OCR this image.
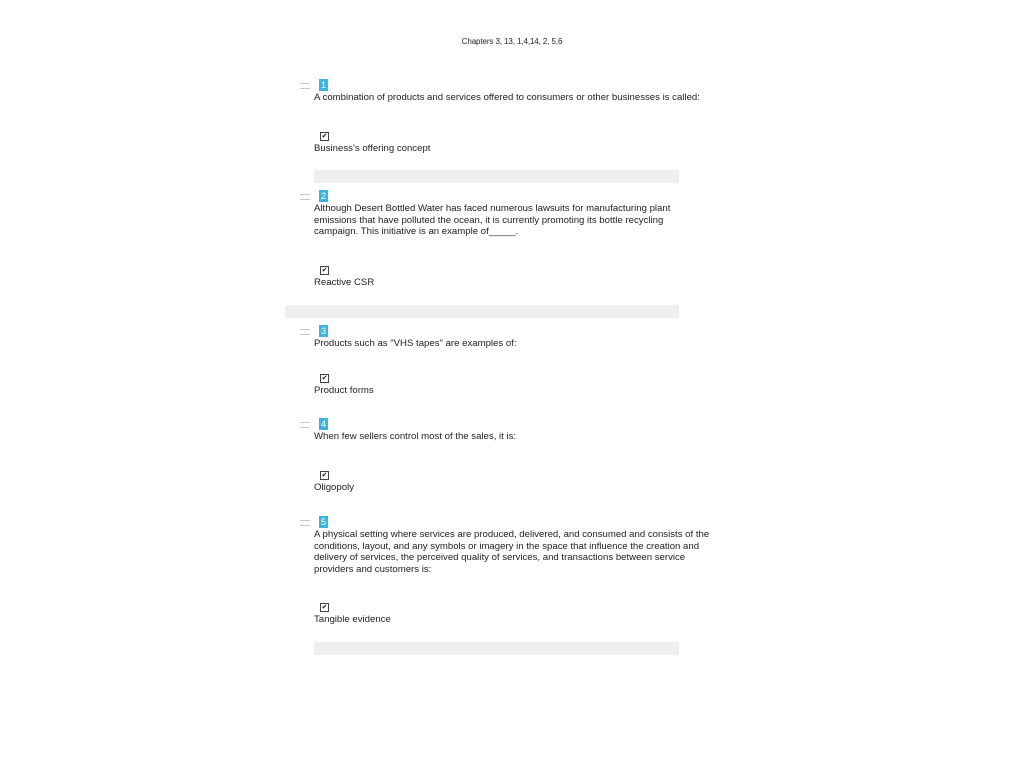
Chapters 3, 13, 1,4,14, 2, 5,6
1

A combination of products and services offered to consumers or other businesses is called:

✔

Business’s offering concept

2

Although Desert Bottled Water has faced numerous lawsuits for manufacturing plant emissions that have polluted the ocean, it is currently promoting its bottle recycling campaign. This initiative is an example of_____.

✔

Reactive CSR

3

Products such as "VHS tapes" are examples of:

✔

Product forms

4

When few sellers control most of the sales, it is:

✔

Oligopoly

5

A physical setting where services are produced, delivered, and consumed and consists of the conditions, layout, and any symbols or imagery in the space that influence the creation and delivery of services, the perceived quality of services, and transactions between service providers and customers is:

✔

Tangible evidence
